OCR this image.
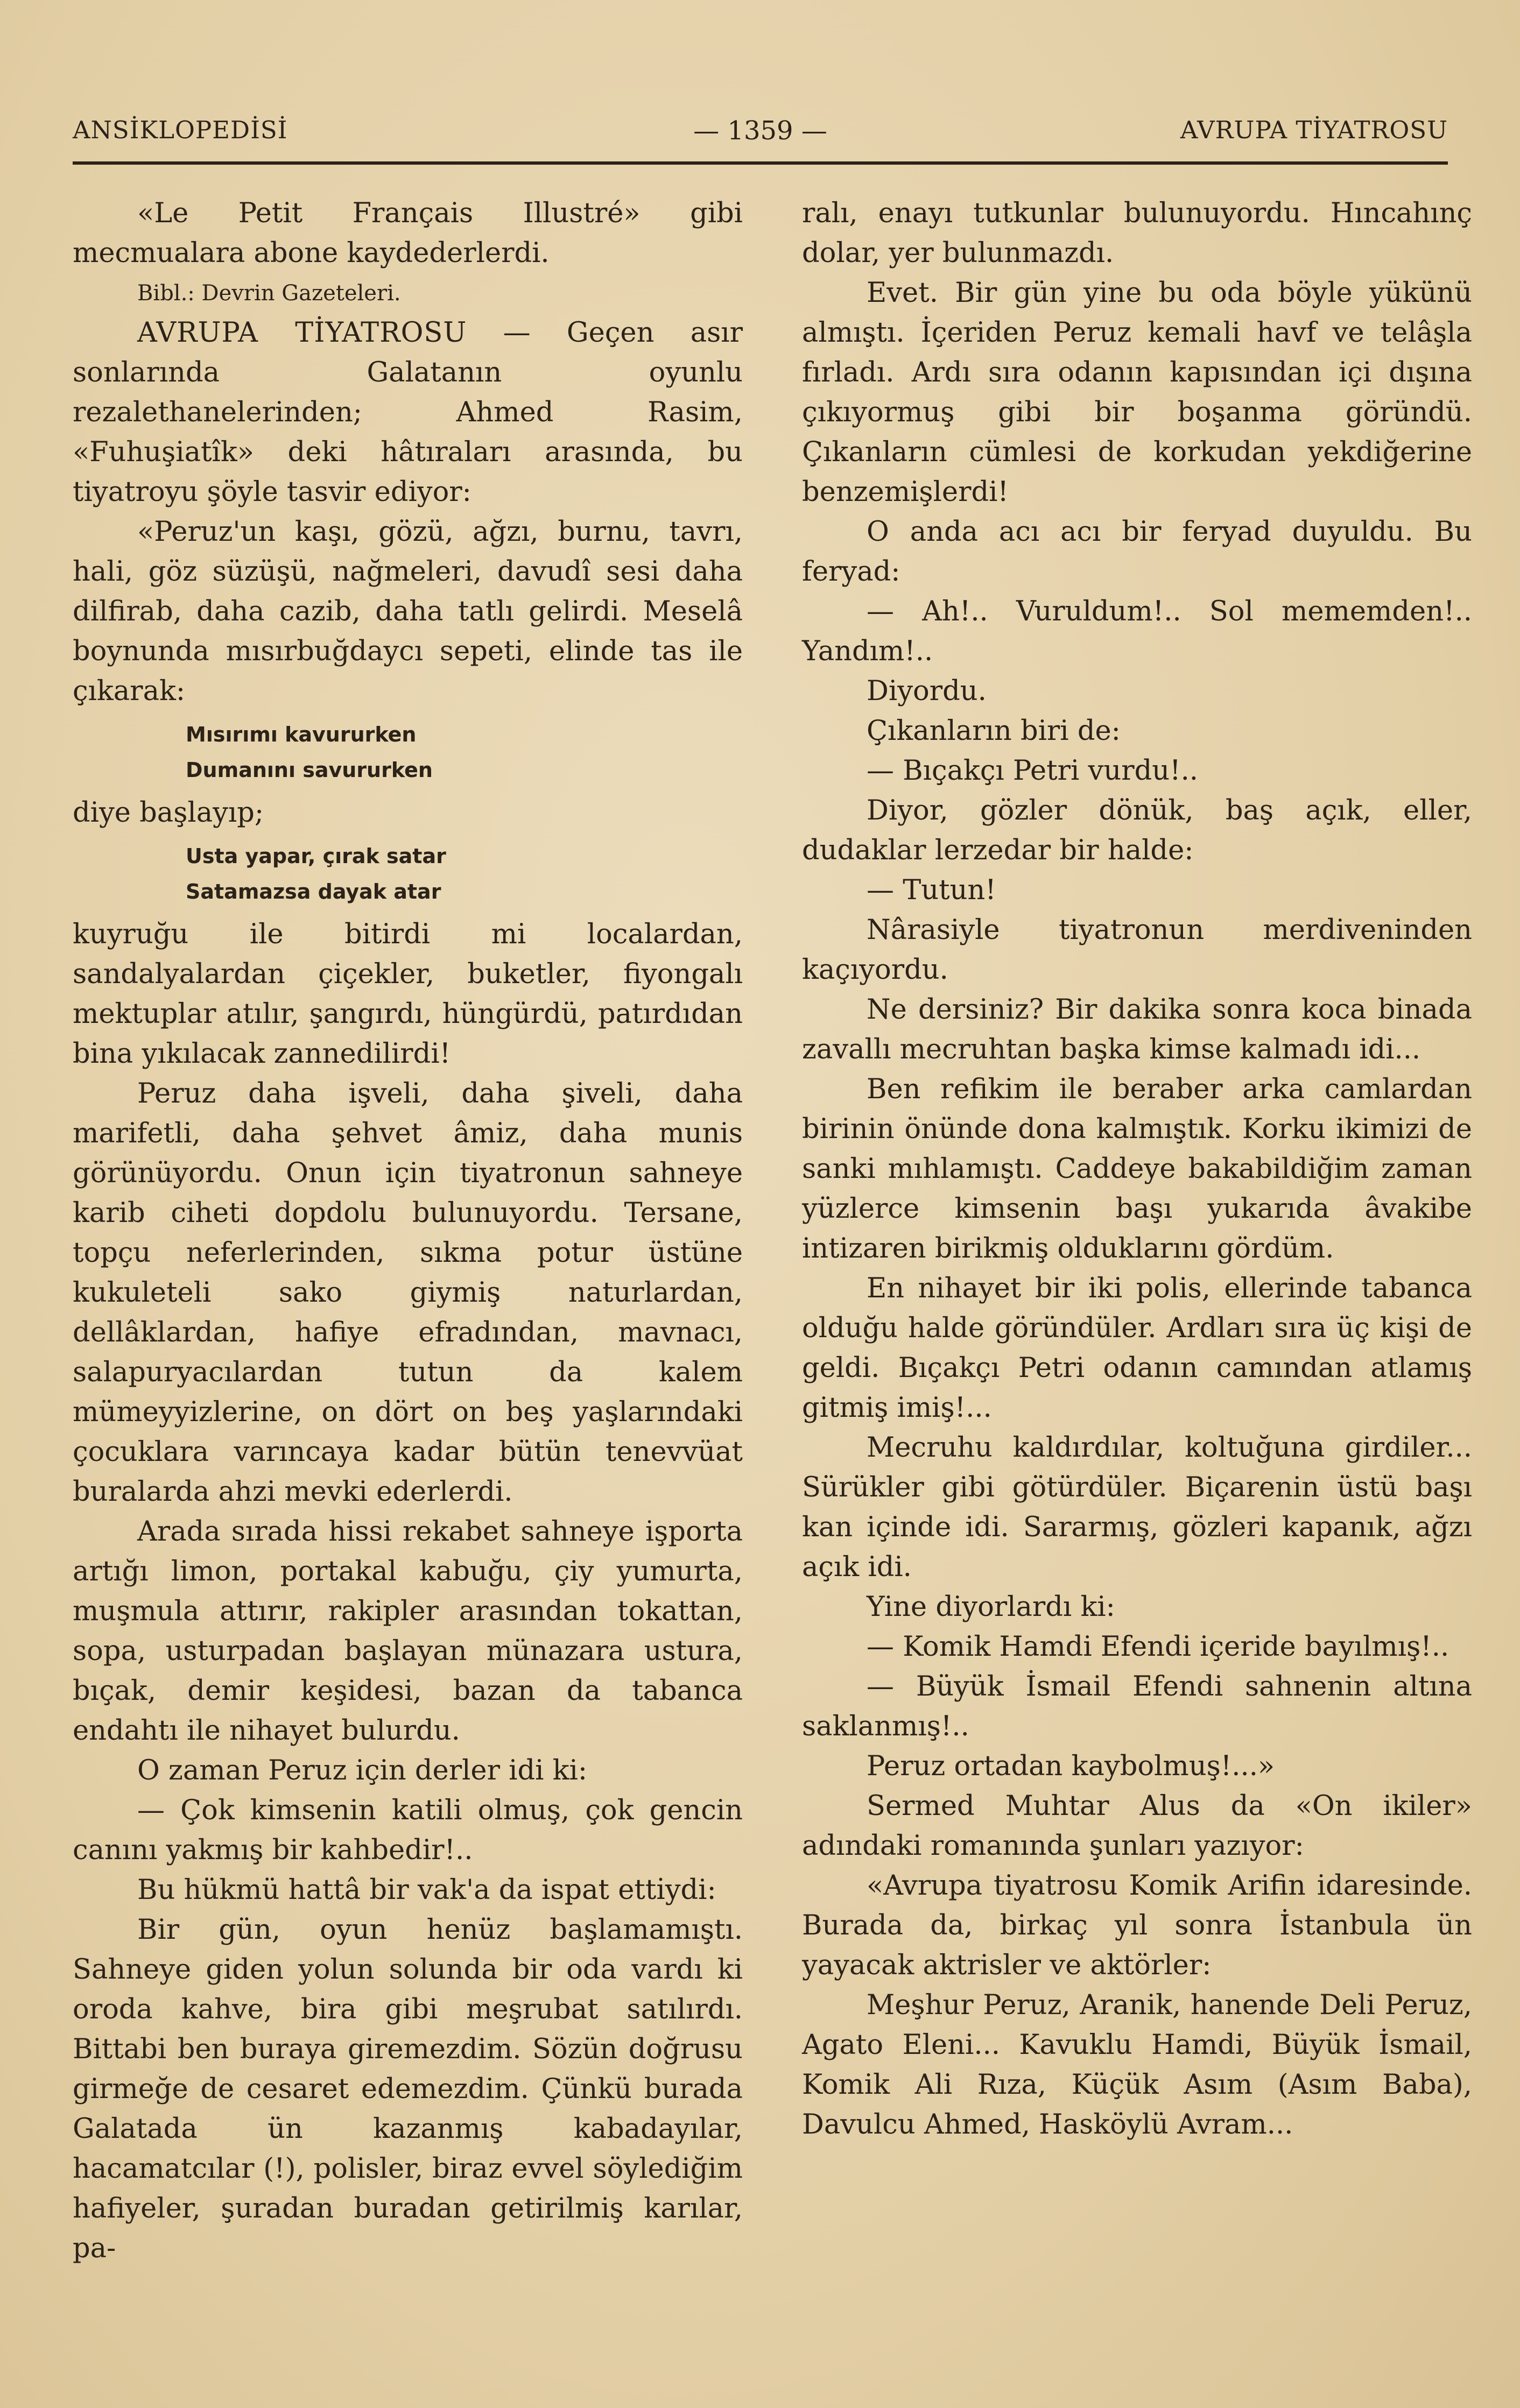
ANSİKLOPEDİSİ	— 1359 —	AVRUPA TİYATROSU

«Le Petit Français Illustré» gibi mecmualara abone kaydederlerdi.

Bibl.: Devrin Gazeteleri.

AVRUPA TİYATROSU — Geçen asır sonlarında Galatanın oyunlu rezalethanelerinden; Ahmed Rasim, «Fuhuşiatîk» deki hâtıraları arasında, bu tiyatroyu şöyle tasvir ediyor:

«Peruz'un kaşı, gözü, ağzı, burnu, tavrı, hali, göz süzüşü, nağmeleri, davudî sesi daha dilfirab, daha cazib, daha tatlı gelirdi. Meselâ boynunda mısırbuğdaycı sepeti, elinde tas ile çıkarak:

Mısırımı kavururken
Dumanını savururken

diye başlayıp;

Usta yapar, çırak satar
Satamazsa dayak atar

kuyruğu ile bitirdi mi localardan, sandalyalardan çiçekler, buketler, fiyongalı mektuplar atılır, şangırdı, hüngürdü, patırdıdan bina yıkılacak zannedilirdi!

Peruz daha işveli, daha şiveli, daha marifetli, daha şehvet âmiz, daha munis görünüyordu. Onun için tiyatronun sahneye karib ciheti dopdolu bulunuyordu. Tersane, topçu neferlerinden, sıkma potur üstüne kukuleteli sako giymiş naturlardan, dellâklardan, hafiye efradından, mavnacı, salapuryacılardan tutun da kalem mümeyyizlerine, on dört on beş yaşlarındaki çocuklara varıncaya kadar bütün tenevvüat buralarda ahzi mevki ederlerdi.

Arada sırada hissi rekabet sahneye işporta artığı limon, portakal kabuğu, çiy yumurta, muşmula attırır, rakipler arasından tokattan, sopa, usturpadan başlayan münazara ustura, bıçak, demir keşidesi, bazan da tabanca endahtı ile nihayet bulurdu.

O zaman Peruz için derler idi ki:

— Çok kimsenin katili olmuş, çok gencin canını yakmış bir kahbedir!..

Bu hükmü hattâ bir vak'a da ispat etti̇ydi:

Bir gün, oyun henüz başlamamıştı. Sahneye giden yolun solunda bir oda vardı ki oroda kahve, bira gibi meşrubat satılırdı. Bittabi ben buraya giremezdim. Sözün doğrusu girmeğe de cesaret edemezdim. Çünkü burada Galatada ün kazanmış kabadayılar, hacamatcılar (!), polisler, biraz evvel söylediğim hafiyeler, şuradan buradan getirilmiş karılar, pa-

ralı, enayı tutkunlar bulunuyordu. Hıncahınç dolar, yer bulunmazdı.

Evet. Bir gün yine bu oda böyle yükünü almıştı. İçeriden Peruz kemali havf ve telâşla fırladı. Ardı sıra odanın kapısından içi dışına çıkıyormuş gibi bir boşanma göründü. Çıkanların cümlesi de korkudan yekdiğerine benzemişlerdi!

O anda acı acı bir feryad duyuldu. Bu feryad:

— Ah!.. Vuruldum!.. Sol mememden!.. Yandım!..

Diyordu.

Çıkanların biri de:

— Bıçakçı Petri vurdu!..

Diyor, gözler dönük, baş açık, eller, dudaklar lerzedar bir halde:

— Tutun!

Nârasiyle tiyatronun merdiveninden kaçıyordu.

Ne dersiniz? Bir dakika sonra koca binada zavallı mecruhtan başka kimse kalmadı idi...

Ben refikim ile beraber arka camlardan birinin önünde dona kalmıştık. Korku ikimizi de sanki mıhlamıştı. Caddeye bakabildiğim zaman yüzlerce kimsenin başı yukarıda âvakibe intizaren birikmiş olduklarını gördüm.

En nihayet bir iki polis, ellerinde tabanca olduğu halde göründüler. Ardları sıra üç kişi de geldi. Bıçakçı Petri odanın camından atlamış gitmiş imiş!...

Mecruhu kaldırdılar, koltuğuna girdiler... Sürükler gibi götürdüler. Biçarenin üstü başı kan içinde idi. Sararmış, gözleri kapanık, ağzı açık idi.

Yine diyorlardı ki:

— Komik Hamdi Efendi içeride bayılmış!..

— Büyük İsmail Efendi sahnenin altına saklanmış!..

Peruz ortadan kaybolmuş!...»

Sermed Muhtar Alus da «On ikiler» adındaki romanında şunları yazıyor:

«Avrupa tiyatrosu Komik Arifin idaresinde. Burada da, birkaç yıl sonra İstanbula ün yayacak aktrisler ve aktörler:

Meşhur Peruz, Aranik, hanende Deli Peruz, Agato Eleni... Kavuklu Hamdi, Büyük İsmail, Komik Ali Rıza, Küçük Asım (Asım Baba), Davulcu Ahmed, Hasköylü Avram...
